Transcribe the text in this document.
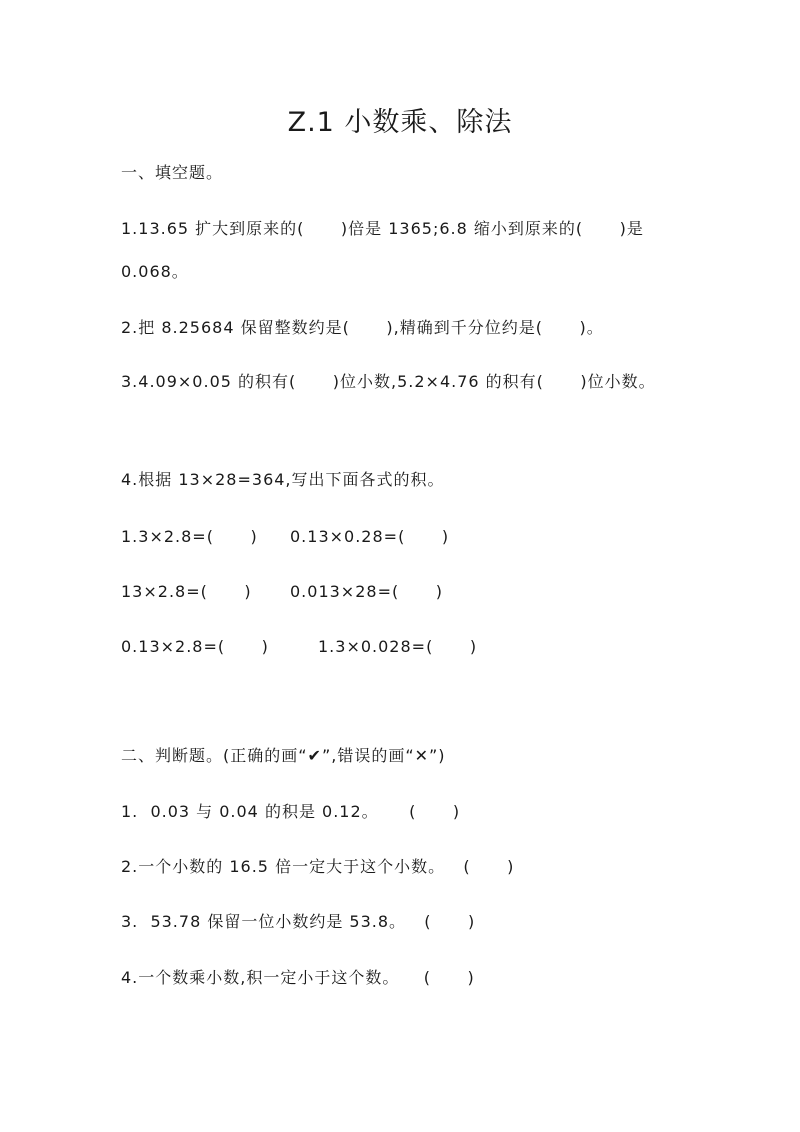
Z.1 小数乘、除法
一、填空题。
1.13.65 扩大到原来的(      )倍是 1365;6.8 缩小到原来的(      )是
0.068。
2.把 8.25684 保留整数约是(      ),精确到千分位约是(      )。
3.4.09×0.05 的积有(      )位小数,5.2×4.76 的积有(      )位小数。
4.根据 13×28=364,写出下面各式的积。
1.3×2.8=(      ) 0.13×0.28=(      )
13×2.8=(      ) 0.013×28=(      )
0.13×2.8=(      )	1.3×0.028=(      )
二、判断题。(正确的画“✔”,错误的画“✕”)
1.  0.03 与 0.04 的积是 0.12。     (      )
2.一个小数的 16.5 倍一定大于这个小数。   (      )
3.  53.78 保留一位小数约是 53.8。   (      )
4.一个数乘小数,积一定小于这个数。    (      )
